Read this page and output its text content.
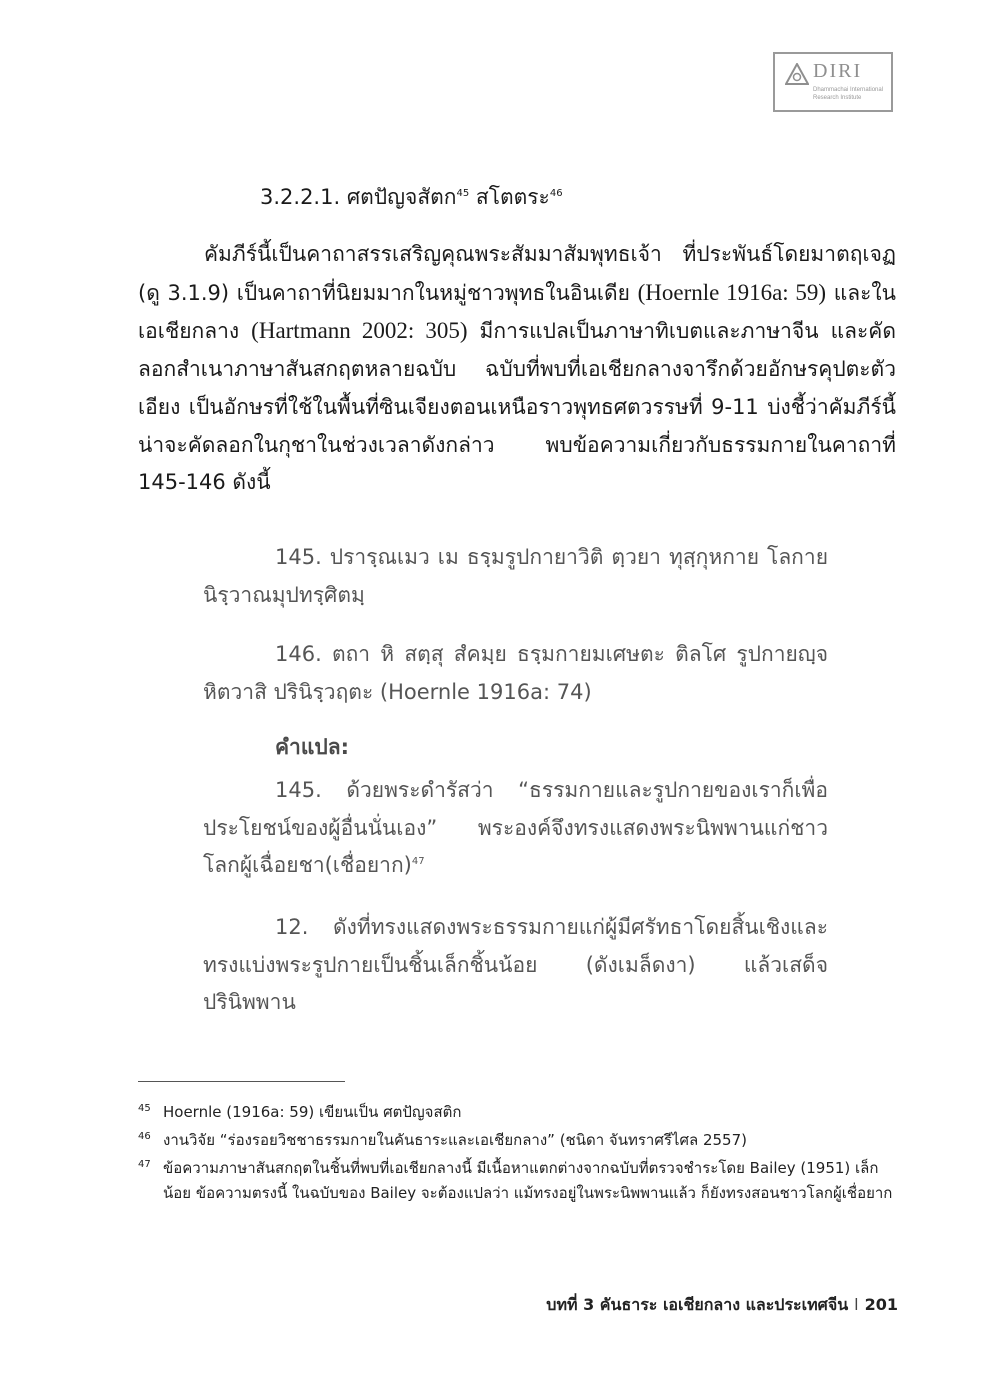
DIRI
Dhammachai International
Research Institute
3.2.2.1. ศตปัญจสัตก$^{45}$ สโตตระ$^{46}$

คัมภีร์นี้เป็นคาถาสรรเสริญคุณพระสัมมาสัมพุทธเจ้า ที่ประพันธ์โดยมาตฤเจฏ (ดู 3.1.9) เป็นคาถาที่นิยมมากในหมู่ชาวพุทธในอินเดีย (Hoernle 1916a: 59) และในเอเชียกลาง (Hartmann 2002: 305) มีการแปลเป็นภาษาทิเบตและภาษาจีน และคัดลอกสำเนาภาษาสันสกฤตหลายฉบับ ฉบับที่พบที่เอเชียกลางจารึกด้วยอักษรคุปตะตัวเอียง เป็นอักษรที่ใช้ในพื้นที่ซินเจียงตอนเหนือราวพุทธศตวรรษที่ 9-11 บ่งชี้ว่าคัมภีร์นี้น่าจะคัดลอกในกุชาในช่วงเวลาดังกล่าว พบข้อความเกี่ยวกับธรรมกายในคาถาที่ 145-146 ดังนี้

145. ปรารฺณเมว เม ธรฺมรูปกายาวิติ ตฺวยา ทุสฺกุหกาย โลกาย นิรฺวาณมุปทรฺศิตมฺ

146. ตถา หิ สตฺสุ สํคมฺย ธรฺมกายมเศษตะ ติลโศ รูปกายญฺจ หิตวาสิ ปรินิรฺวฤตะ (Hoernle 1916a: 74)

คำแปล:

145. ด้วยพระดำรัสว่า “ธรรมกายและรูปกายของเราก็เพื่อประโยชน์ของผู้อื่นนั่นเอง” พระองค์จึงทรงแสดงพระนิพพานแก่ชาวโลกผู้เฉื่อยชา(เชื่อยาก)$^{47}$

12. ดังที่ทรงแสดงพระธรรมกายแก่ผู้มีศรัทธาโดยสิ้นเชิงและทรงแบ่งพระรูปกายเป็นชิ้นเล็กชิ้นน้อย (ดังเมล็ดงา) แล้วเสด็จปรินิพพาน

45 Hoernle (1916a: 59) เขียนเป็น ศตปัญจสติก
46 งานวิจัย “ร่องรอยวิชชาธรรมกายในคันธาระและเอเชียกลาง” (ชนิดา จันทราศรีไศล 2557)
47 ข้อความภาษาสันสกฤตในชิ้นที่พบที่เอเชียกลางนี้ มีเนื้อหาแตกต่างจากฉบับที่ตรวจชำระโดย Bailey (1951) เล็กน้อย ข้อความตรงนี้ ในฉบับของ Bailey จะต้องแปลว่า แม้ทรงอยู่ในพระนิพพานแล้ว ก็ยังทรงสอนชาวโลกผู้เชื่อยาก
บทที่ 3 คันธาระ เอเชียกลาง และประเทศจีน l 201
